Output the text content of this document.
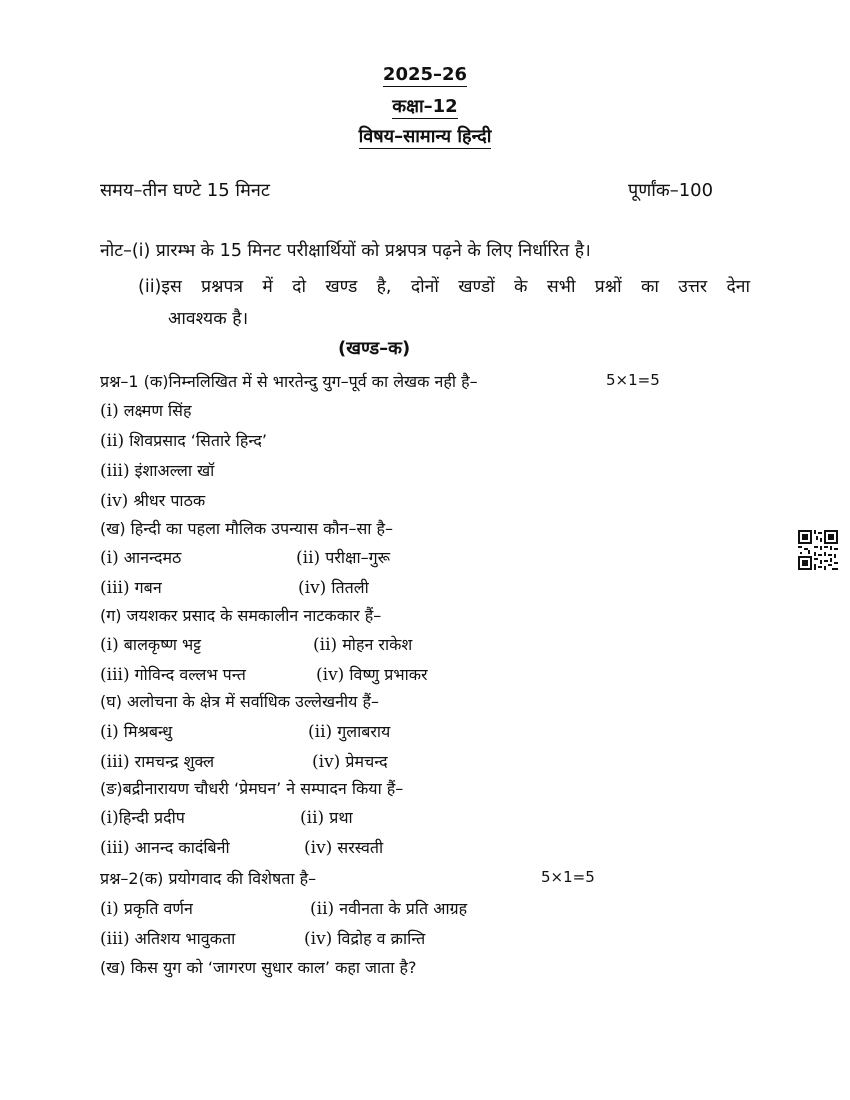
2025–26
कक्षा–12
विषय–सामान्य हिन्दी
समय–तीन घण्टे 15 मिनट	पूर्णांक–100
नोट–(i) प्रारम्भ के 15 मिनट परीक्षार्थियों को प्रश्नपत्र पढ़ने के लिए निर्धारित है।
(ii)इस प्रश्नपत्र में दो खण्ड है, दोनों खण्डों के सभी प्रश्नों का उत्तर देना
आवश्यक है।
(खण्ड–क)
प्रश्न–1 (क)निम्नलिखित में से भारतेन्दु युग–पूर्व का लेखक नही है–	5×1=5
(i) लक्ष्मण सिंह
(ii) शिवप्रसाद ‘सितारे हिन्द’
(iii) इंशाअल्ला खॉ
(iv) श्रीधर पाठक
(ख) हिन्दी का पहला मौलिक उपन्यास कौन–सा है–
(i) आनन्दमठ	(ii) परीक्षा–गुरू
(iii) गबन	(iv) तितली
(ग) जयशकर प्रसाद के समकालीन नाटककार हैं–
(i) बालकृष्ण भट्ट	(ii) मोहन राकेश
(iii) गोविन्द वल्लभ पन्त	(iv) विष्णु प्रभाकर
(घ) अलोचना के क्षेत्र में सर्वाधिक उल्लेखनीय हैं–
(i) मिश्रबन्धु	(ii) गुलाबराय
(iii) रामचन्द्र शुक्ल	(iv) प्रेमचन्द
(ङ)बद्रीनारायण चौधरी ‘प्रेमघन’ ने सम्पादन किया हैं–
(i)हिन्दी प्रदीप	(ii) प्रथा
(iii) आनन्द कादंबिनी	(iv) सरस्वती
प्रश्न–2(क) प्रयोगवाद की विशेषता है–	5×1=5
(i) प्रकृति वर्णन	(ii) नवीनता के प्रति आग्रह
(iii) अतिशय भावुकता	(iv) विद्रोह व क्रान्ति
(ख) किस युग को ‘जागरण सुधार काल’ कहा जाता है?
